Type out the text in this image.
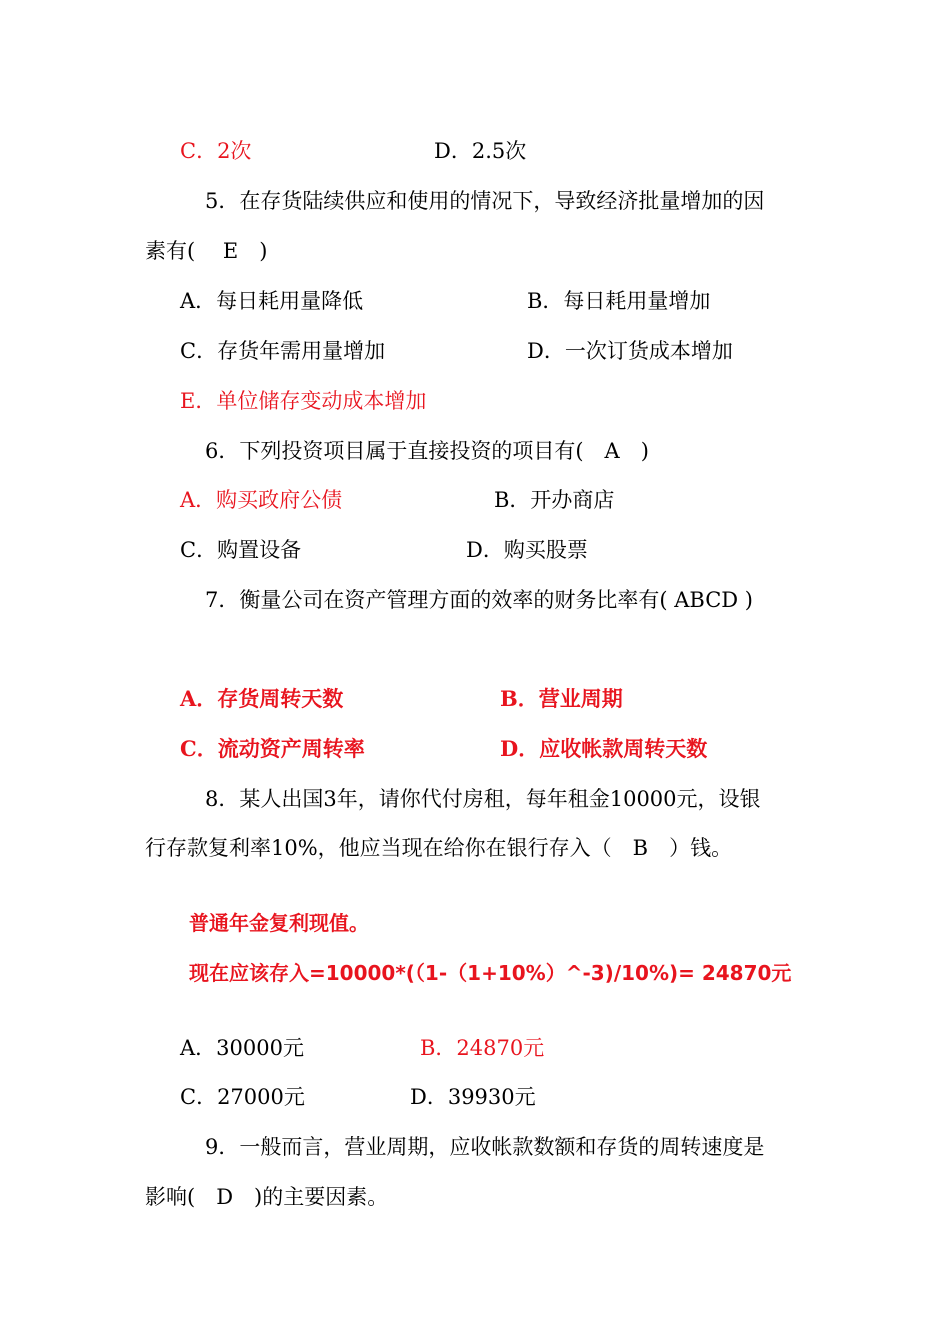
C．2次	D．2.5次
5．在存货陆续供应和使用的情况下，导致经济批量增加的因
素有(　 E　)
A．每日耗用量降低	B．每日耗用量增加
C．存货年需用量增加	D．一次订货成本增加
E．单位储存变动成本增加
6．下列投资项目属于直接投资的项目有(　A　)
A．购买政府公债	B．开办商店
C．购置设备	D．购买股票
7．衡量公司在资产管理方面的效率的财务比率有( ABCD )
A．存货周转天数	B．营业周期
C．流动资产周转率	D．应收帐款周转天数
8．某人出国3年，请你代付房租，每年租金10000元，设银
行存款复利率10%，他应当现在给你在银行存入（　B　）钱。
普通年金复利现值。
现在应该存入=10000*(（1-（1+10%）^-3)/10%)= 24870元
A．30000元	B．24870元
C．27000元	D．39930元
9．一般而言，营业周期，应收帐款数额和存货的周转速度是
影响(　D　)的主要因素。
